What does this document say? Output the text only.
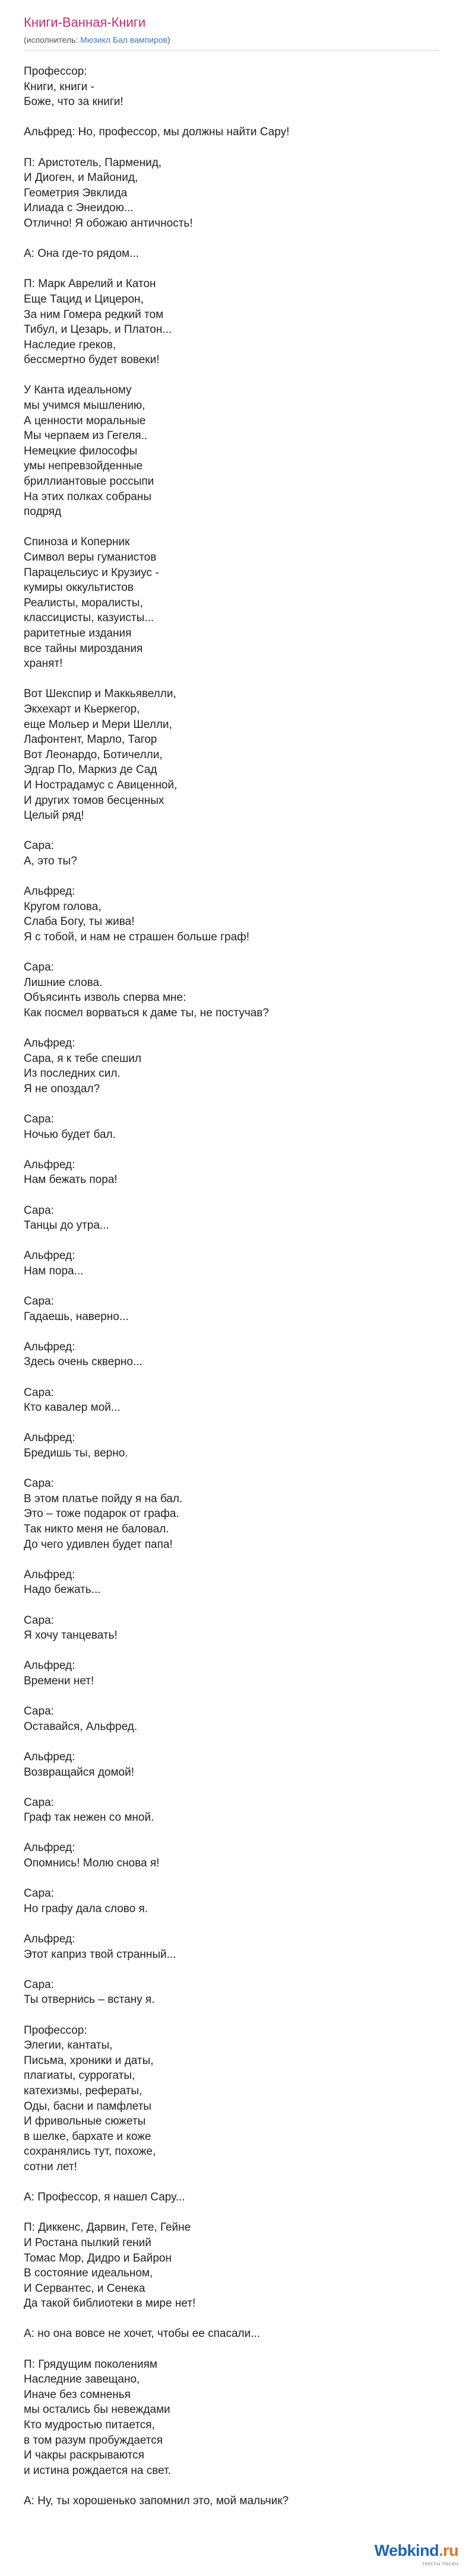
Книги-Ванная-Книги
(исполнитель: Мюзикл Бал вампиров)
Профессор:
Книги, книги -
Боже, что за книги!
Альфред: Но, профессор, мы должны найти Сару!
П: Аристотель, Парменид,
И Диоген, и Майонид,
Геометрия Эвклида
Илиада с Энеидою...
Отлично! Я обожаю античность!
А: Она где-то рядом...
П: Марк Аврелий и Катон
Еще Тацид и Цицерон,
За ним Гомера редкий том
Тибул, и Цезарь, и Платон...
Наследие греков,
бессмертно будет вовеки!
У Канта идеальному
мы учимся мышлению,
А ценности моральные
Мы черпаем из Гегеля..
Немецкие философы
умы непревзойденные
бриллиантовые россыпи
На этих полках собраны
подряд
Спиноза и Коперник
Символ веры гуманистов
Парацельсиус и Крузиус -
кумиры оккультистов
Реалисты, моралисты,
классицисты, казуисты...
раритетные издания
все тайны мироздания
хранят!
Вот Шекспир и Маккьявелли,
Экхехарт и Кьеркегор,
еще Мольер и Мери Шелли,
Лафонтент, Марло, Тагор
Вот Леонардо, Ботичелли,
Эдгар По, Маркиз де Сад
И Нострадамус с Авиценной,
И других томов бесценных
Целый ряд!
Сара:
А, это ты?
Альфред:
Кругом голова,
Слаба Богу, ты жива!
Я с тобой, и нам не страшен больше граф!
Сара:
Лишние слова.
Объясинть изволь сперва мне:
Как посмел ворваться к даме ты, не постучав?
Альфред:
Сара, я к тебе спешил
Из последних сил.
Я не опоздал?
Сара:
Ночью будет бал.
Альфред:
Нам бежать пора!
Сара:
Танцы до утра...
Альфред:
Нам пора...
Сара:
Гадаешь, наверно...
Альфред:
Здесь очень скверно...
Сара:
Кто кавалер мой...
Альфред:
Бредишь ты, верно.
Сара:
В этом платье пойду я на бал.
Это – тоже подарок от графа.
Так никто меня не баловал.
До чего удивлен будет папа!
Альфред:
Надо бежать...
Сара:
Я хочу танцевать!
Альфред:
Времени нет!
Сара:
Оставайся, Альфред.
Альфред:
Возвращайся домой!
Сара:
Граф так нежен со мной.
Альфред:
Опомнись! Молю снова я!
Сара:
Но графу дала слово я.
Альфред:
Этот каприз твой странный...
Сара:
Ты отвернись – встану я.
Профессор:
Элегии, кантаты,
Письма, хроники и даты,
плагиаты, суррогаты,
катехизмы, рефераты,
Оды, басни и памфлеты
И фривольные сюжеты
в шелке, бархате и коже
сохранялись тут, похоже,
сотни лет!
А: Профессор, я нашел Сару...
П: Диккенс, Дарвин, Гете, Гейне
И Ростана пылкий гений
Томас Мор, Дидро и Байрон
В состояние идеальном,
И Сервантес, и Сенека
Да такой библиотеки в мире нет!
А: но она вовсе не хочет, чтобы ее спасали...
П: Грядущим поколениям
Наследние завещано,
Иначе без сомненья
мы остались бы невеждами
Кто мудростью питается,
в том разум пробуждается
И чакры раскрываются
и истина рождается на свет.
А: Ну, ты хорошенько запомнил это, мой мальчик?
Webkind.ru
тексты песен
